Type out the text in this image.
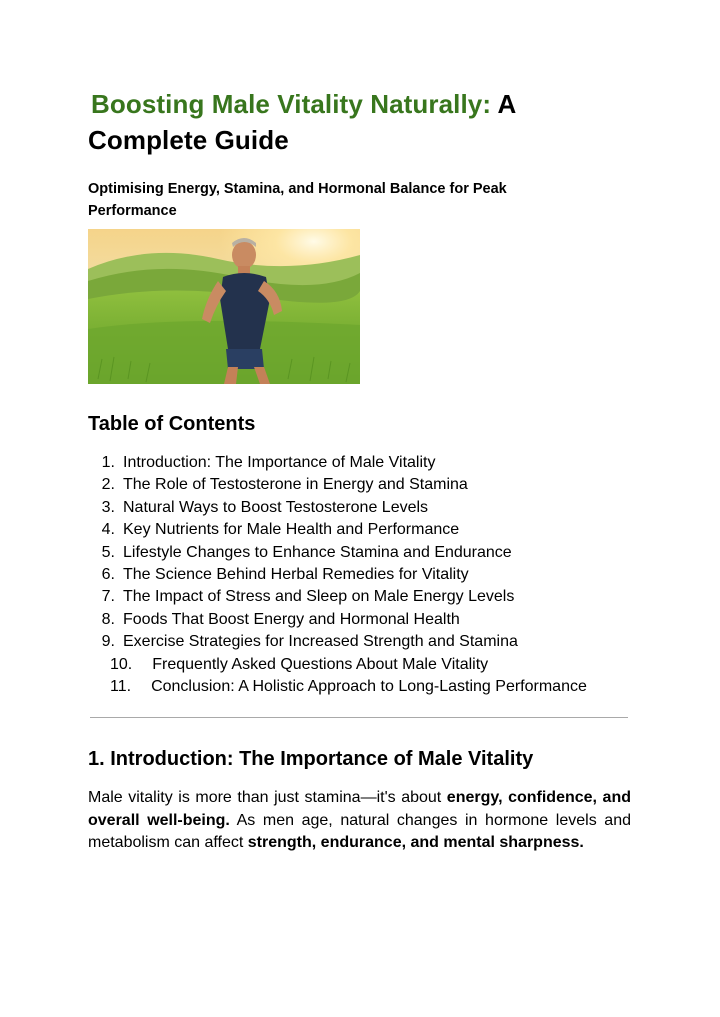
Boosting Male Vitality Naturally: A Complete Guide

Optimising Energy, Stamina, and Hormonal Balance for Peak Performance

Table of Contents
1. Introduction: The Importance of Male Vitality
2. The Role of Testosterone in Energy and Stamina
3. Natural Ways to Boost Testosterone Levels
4. Key Nutrients for Male Health and Performance
5. Lifestyle Changes to Enhance Stamina and Endurance
6. The Science Behind Herbal Remedies for Vitality
7. The Impact of Stress and Sleep on Male Energy Levels
8. Foods That Boost Energy and Hormonal Health
9. Exercise Strategies for Increased Strength and Stamina
10.	Frequently Asked Questions About Male Vitality
11.	Conclusion: A Holistic Approach to Long-Lasting Performance
1. Introduction: The Importance of Male Vitality

Male vitality is more than just stamina—it's about energy, confidence, and overall well-being. As men age, natural changes in hormone levels and metabolism can affect strength, endurance, and mental sharpness.
